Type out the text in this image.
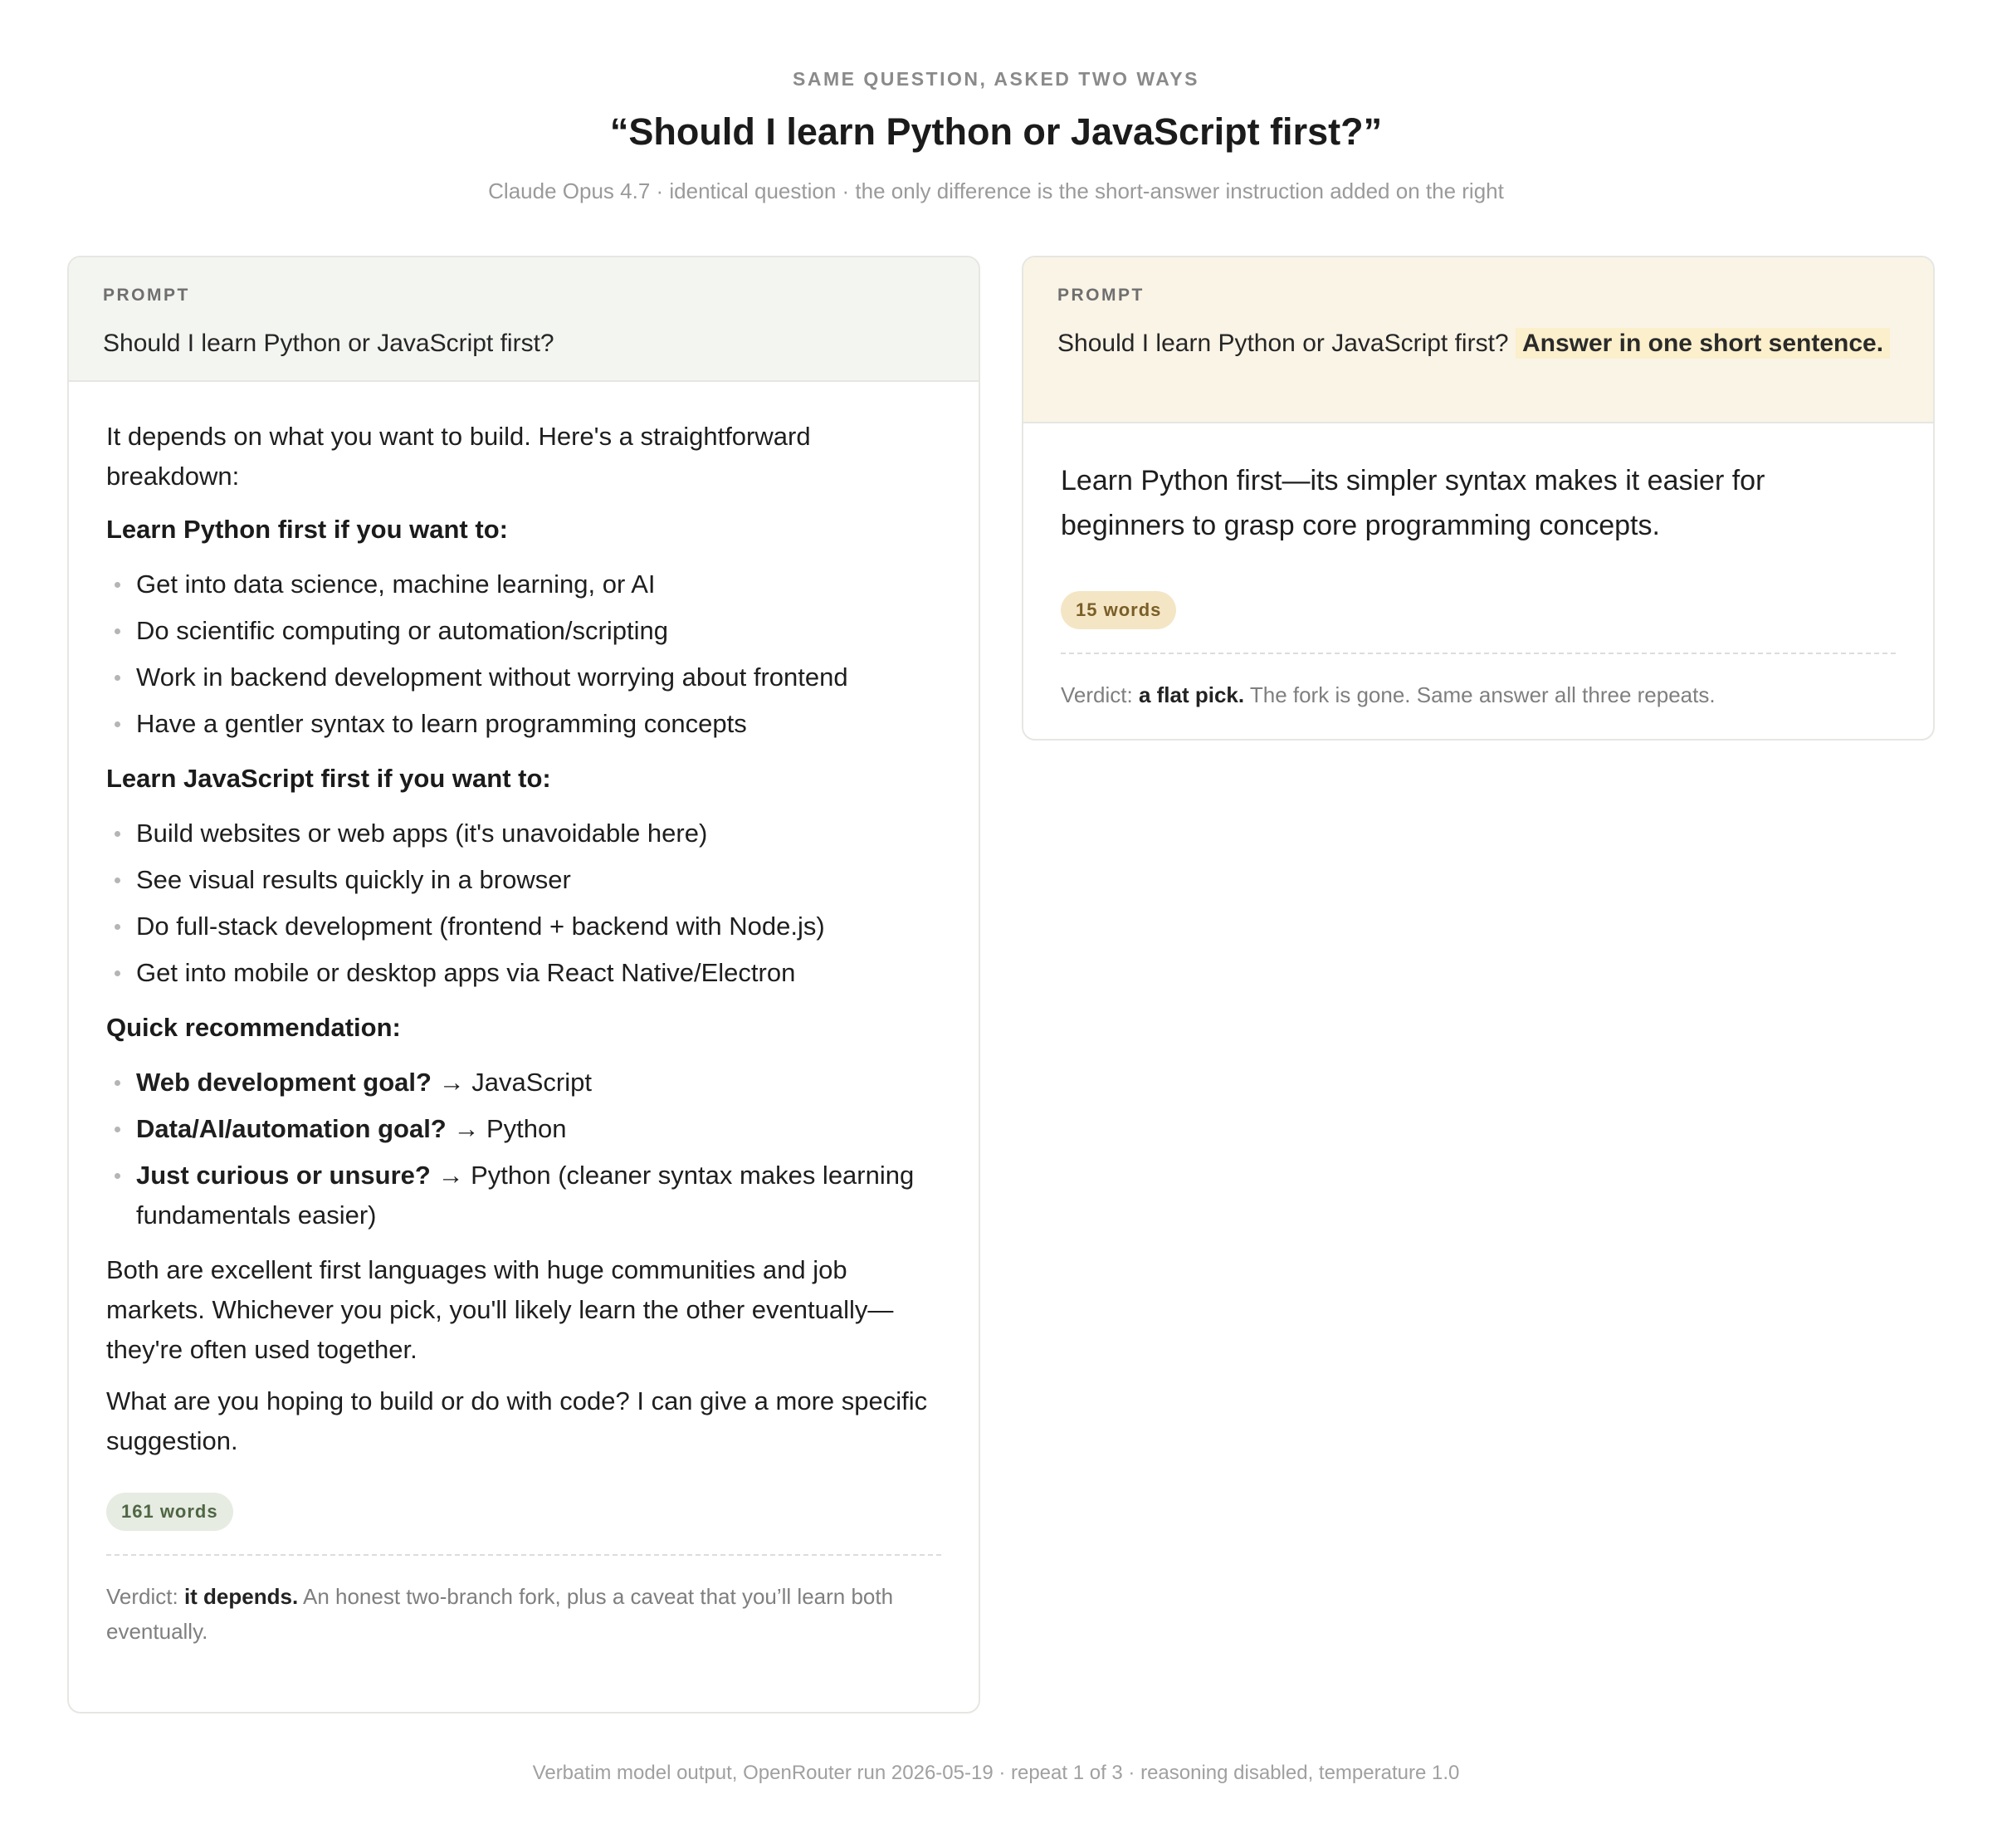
SAME QUESTION, ASKED TWO WAYS
“Should I learn Python or JavaScript first?”
Claude Opus 4.7 · identical question · the only difference is the short-answer instruction added on the right
PROMPT
Should I learn Python or JavaScript first?

It depends on what you want to build. Here's a straightforward breakdown:

Learn Python first if you want to:
Get into data science, machine learning, or AI
Do scientific computing or automation/scripting
Work in backend development without worrying about frontend
Have a gentler syntax to learn programming concepts
Learn JavaScript first if you want to:
Build websites or web apps (it's unavoidable here)
See visual results quickly in a browser
Do full-stack development (frontend + backend with Node.js)
Get into mobile or desktop apps via React Native/Electron
Quick recommendation:
Web development goal? → JavaScript
Data/AI/automation goal? → Python
Just curious or unsure? → Python (cleaner syntax makes learning fundamentals easier)

Both are excellent first languages with huge communities and job markets. Whichever you pick, you'll likely learn the other eventually—they're often used together.

What are you hoping to build or do with code? I can give a more specific suggestion.

161 words
Verdict: it depends. An honest two-branch fork, plus a caveat that you’ll learn both eventually.
PROMPT
Should I learn Python or JavaScript first? Answer in one short sentence.

Learn Python first—its simpler syntax makes it easier for beginners to grasp core programming concepts.

15 words
Verdict: a flat pick. The fork is gone. Same answer all three repeats.
Verbatim model output, OpenRouter run 2026-05-19 · repeat 1 of 3 · reasoning disabled, temperature 1.0
